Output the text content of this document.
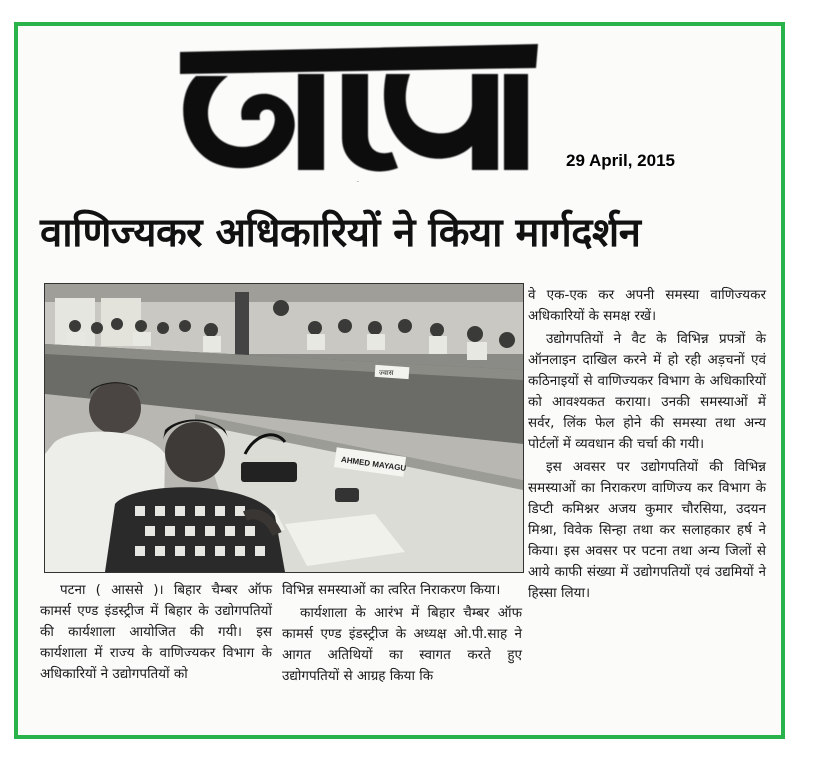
आज
29 April, 2015
वाणिज्यकर अधिकारियों ने किया मार्गदर्शन
AHMED MAYAGU
ज्वास

वे एक-एक कर अपनी समस्या वाणिज्यकर अधिकारियों के समक्ष रखें।

उद्योगपतियों ने वैट के विभिन्न प्रपत्रों के ऑनलाइन दाखिल करने में हो रही अड़चनों एवं कठिनाइयों से वाणिज्यकर विभाग के अधिकारियों को आवश्यकत कराया। उनकी समस्याओं में सर्वर, लिंक फेल होने की समस्या तथा अन्य पोर्टलों में व्यवधान की चर्चा की गयी।

इस अवसर पर उद्योगपतियों की विभिन्न समस्याओं का निराकरण वाणिज्य कर विभाग के डिप्टी कमिश्नर अजय कुमार चौरसिया, उदयन मिश्रा, विवेक सिन्हा तथा कर सलाहकार हर्ष ने किया। इस अवसर पर पटना तथा अन्य जिलों से आये काफी संख्या में उद्योगपतियों एवं उद्यमियों ने हिस्सा लिया।

पटना ( आससे )। बिहार चैम्बर ऑफ कामर्स एण्ड इंडस्ट्रीज में बिहार के उद्योगपतियों की कार्यशाला आयोजित की गयी। इस कार्यशाला में राज्य के वाणिज्यकर विभाग के अधिकारियों ने उद्योगपतियों को

विभिन्न समस्याओं का त्वरित निराकरण किया।

कार्यशाला के आरंभ में बिहार चैम्बर ऑफ कामर्स एण्ड इंडस्ट्रीज के अध्यक्ष ओ.पी.साह ने आगत अतिथियों का स्वागत करते हुए उद्योगपतियों से आग्रह किया कि
